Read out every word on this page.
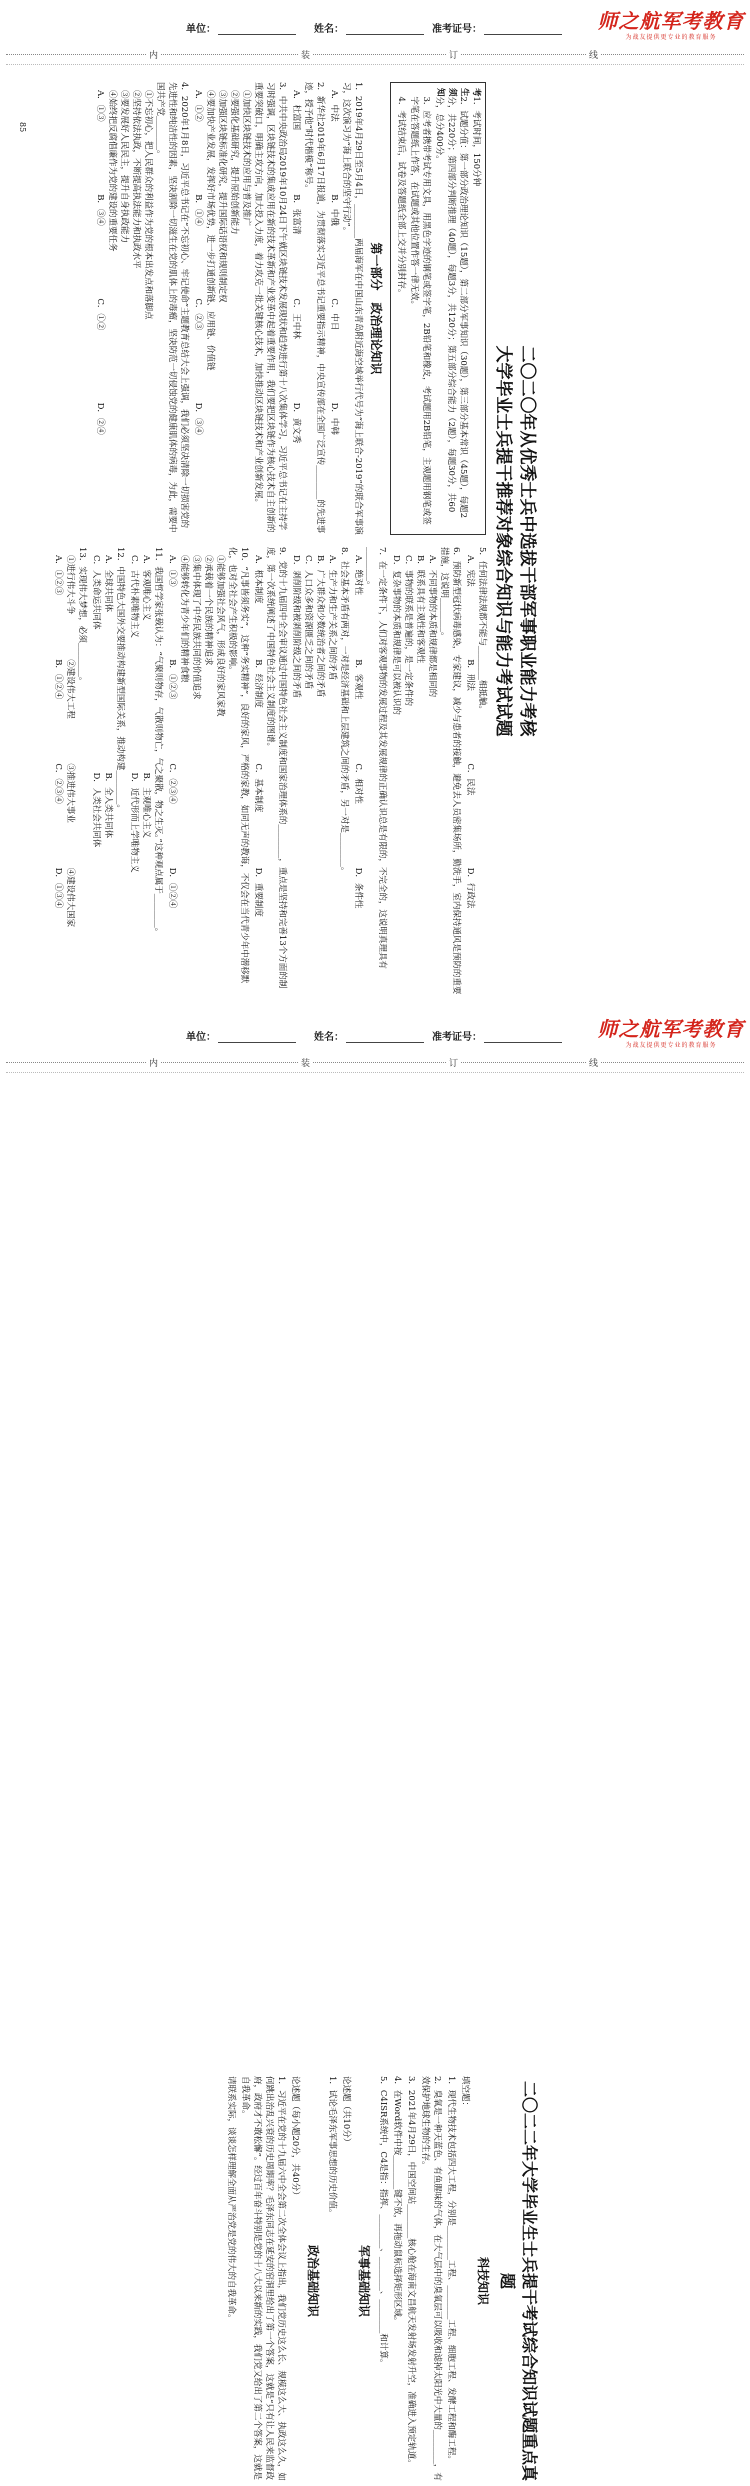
单位：	姓名：	准考证号：	师之航军考教育
为战友提供更专业的教育服务
内	装	订	线
二〇二〇年从优秀士兵中选拔干部军事职业能力考核
大学毕业士兵提干推荐对象综合知识与能力考试试题
考生须知
1．考试时间，150分钟
2．试题分值：第一部分政治理论知识（15题），第二部分军事知识（30题），第三部分基本常识（45题），每题2分，共220分；第四部分判断推理（40题），每题3分，共120分；第五部分综合能力（2题），每题30分，共60分，总分400分。
3．应考者携带考试专用文具，用黑色字迹的钢笔或签字笔，2B铅笔和橡皮，考试题用2B铅笔，主观题用钢笔或签字笔在答题纸上作答，在试题或其他位置作答一律无效。
4．考试结束后，试卷及答题纸全部上交并分别封存。
第一部分　政治理论知识
1．2019年4月29日至5月4日，________两届海军在中国山东青岛附近海空域举行代号为“海上联合-2019”的联合军事演习，这次演习为“海上联合的坚守行动”。
A．中法
B．中俄
C．中日
D．中韩
2．新华社2019年6月17日报道，为贯彻落实习近平总书记重要指示精神，中央宣传部在全国广泛宣传________的先进事迹，授予他“时代楷模”称号。
A．杜富国
B．张富清
C．王中林
D．黄文秀
3．中共中央政治局2019年10月24日下午就区块链技术发展现状和趋势进行第十八次集体学习，习近平总书记在主持学习时强调，区块链技术的集成应用在新的技术革新和产业变革中起着重要作用，我们要把区块链作为核心技术自主创新的重要突破口，明确主攻方向，加大投入力度，着力攻克一批关键核心技术，加快推动区块链技术和产业创新发展。
①加快区块链技术的应用与普及推广
②要强化基础研究，提升原始创新能力
③加强区块链标准化研究，提升国际话语权和规则制定权
④要加快产业发展，发挥好市场优势，进一步打通创新链、应用链、价值链
A．①②
B．①④
C．②③
D．③④
4．2020年1月8日，习近平总书记在“不忘初心、牢记使命”主题教育总结大会上强调，我们必须坚决清除一切损害党的先进性和纯洁性的因素，坚决割除一切滋生在党的肌体上的毒瘤，坚决防范一切侵蚀党的健康肌体的病毒，为此，需要中国共产党________。
①不忘初心，把人民群众的利益作为党的根本出发点和落脚点
②坚持依法执政，不断提高执法能力和执政水平
③要发展好人民民主，提升自身执政能力
④始终把反腐倡廉作为党的建设的重要任务
A．①③
B．③④
C．①②
D．②④
5．任何法律法规都不能与________相抵触。
A．宪法
B．刑法
C．民法
D．行政法
6．预防新型冠状病毒感染，专家建议，减少与患者的接触，避免去人员密集场所，勤洗手，室内保持通风是预防的重要措施，这说明________。
A．不同事物的本质和规律都是相同的
B．联系具有主观性和客观性
C．事物的联系是普遍的，是一定条件的
D．复杂事物的本质和规律是可以被认识的
7．在一定条件下，人们对客观事物的发展过程及其发展规律的正确认识总是有限的，不完全的，这说明真理具有________。
A．绝对性
B．客观性
C．相对性
D．条件性
8．社会基本矛盾有两对，一对是经济基础和上层建筑之间的矛盾，另一对是________。
A．生产力和生产关系之间的矛盾
B．广大群众和少数统治者之间的矛盾
C．人口众多和资源匮乏之间的矛盾
D．剥削阶级和被剥削阶级之间的矛盾
9．党的十九届四中全会审议通过中国特色社会主义制度和国家治理体系的________，重点是坚持和完善13个方面的制度，第一次系统阐述了中国特色社会主义制度的图谱。
A．根本制度
B．经济制度
C．基本制度
D．重要制度
10．“凡事皆须务实”，这种“务实精神”，良好的家风，严格的家教，如同无声的教诲，不仅会在当代青少年中潜移默化，也对全社会产生积极的影响。
①能够加强社会风气，形成良好的家风家教
②承载着一个民族的精神追求
③集中体现了中华民族共同的价值追求
④能够转化为青少年们的精神食粮
A．①③
B．①②③
C．②③④
D．①②④
11．我国哲学家张载认为：“气聚则物存，气散则物亡，气之聚散，物之生灭。”这种观点属于________。
A．客观唯心主义
B．主观唯心主义
C．古代朴素唯物主义
D．近代形而上学唯物主义
12．中国特色大国外交要推动构建新型国际关系，推动构建________。
A．全球共同体
B．全人类共同体
C．人类命运共同体
D．人类社会共同体
13．实现伟大梦想，必须________。
①进行伟大斗争
②建设伟大工程
③推进伟大事业
④建设伟大国家
A．①②③
B．①②④
C．②③④
D．①③④
85
单位：	姓名：	准考证号：	师之航军考教育
为战友提供更专业的教育服务
内	装	订	线
二〇二二年大学毕业生士兵提干考试综合知识试题重点真题
科技知识
填空题：
1．现代生物技术包括四大工程，分别是________工程、________工程、细胞工程、发酵工程和酶工程。
2．臭氧是一种天蓝色、有鱼腥味的气体，在大气层中的臭氧层可以吸收和滤掉太阳光中大量的________，有效保护地球生物的生存。
3．2021年4月29日，中国空间站________核心舱在海南文昌航天发射场发射升空，准确进入预定轨道。
4．在Word软件中按________键不放，再拖动鼠标选择矩形区域。
5．C4ISR系统中，C4是指：指挥、________、________、________和计算。
军事基础知识
论述题（共10分）
1．试论毛泽东军事思想的历史价值。
政治基础知识
论述题（每小题20分，共40分）
1．习近平在党的十九届六中全会第二次全体会议上指出，我们党历史这么长、规模这么大、执政这么久，如何跳出治乱兴衰的历史周期率？毛泽东同志在延安的窑洞里给出了第一个答案，这就是“只有让人民来监督政府，政府才不敢松懈”。经过百年奋斗特别是党的十八大以来新的实践，我们党又给出了第二个答案，这就是自我革命。
请联系实际，谈谈怎样理解全面从严治党是党的伟大的自我革命。
